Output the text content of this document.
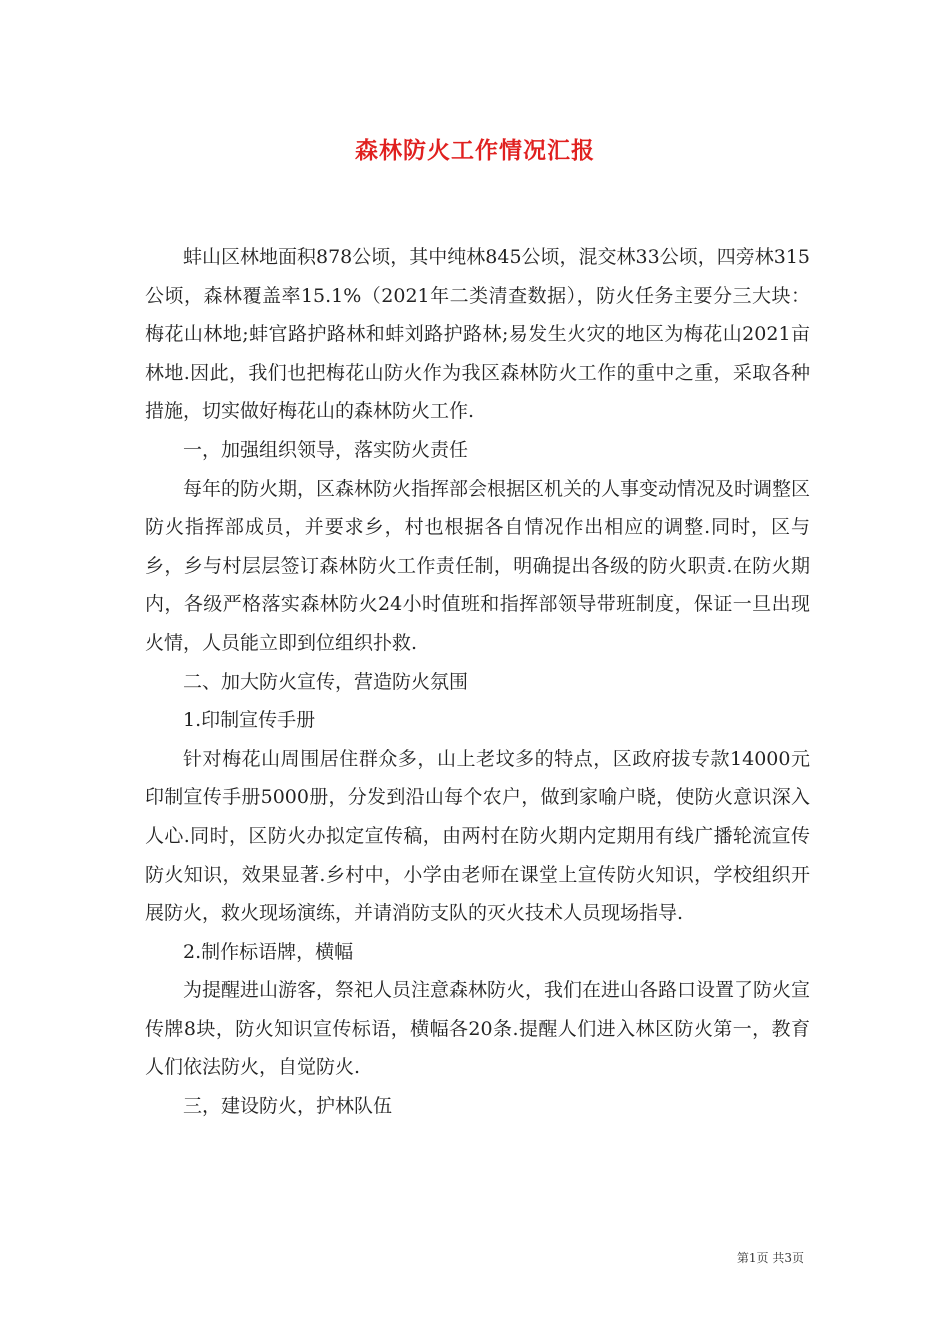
森林防火工作情况汇报

蚌山区林地面积878公顷，其中纯林845公顷，混交林33公顷，四旁林315公顷，森林覆盖率15.1%（2021年二类清查数据），防火任务主要分三大块：梅花山林地;蚌官路护路林和蚌刘路护路林;易发生火灾的地区为梅花山2021亩林地.因此，我们也把梅花山防火作为我区森林防火工作的重中之重，采取各种措施，切实做好梅花山的森林防火工作.

一，加强组织领导，落实防火责任

每年的防火期，区森林防火指挥部会根据区机关的人事变动情况及时调整区防火指挥部成员，并要求乡，村也根据各自情况作出相应的调整.同时，区与乡，乡与村层层签订森林防火工作责任制，明确提出各级的防火职责.在防火期内，各级严格落实森林防火24小时值班和指挥部领导带班制度，保证一旦出现火情，人员能立即到位组织扑救.

二、加大防火宣传，营造防火氛围

1.印制宣传手册

针对梅花山周围居住群众多，山上老坟多的特点，区政府拔专款14000元印制宣传手册5000册，分发到沿山每个农户，做到家喻户晓，使防火意识深入人心.同时，区防火办拟定宣传稿，由两村在防火期内定期用有线广播轮流宣传防火知识，效果显著.乡村中，小学由老师在课堂上宣传防火知识，学校组织开展防火，救火现场演练，并请消防支队的灭火技术人员现场指导.

2.制作标语牌，横幅

为提醒进山游客，祭祀人员注意森林防火，我们在进山各路口设置了防火宣传牌8块，防火知识宣传标语，横幅各20条.提醒人们进入林区防火第一，教育人们依法防火，自觉防火.

三，建设防火，护林队伍

第1页 共3页
